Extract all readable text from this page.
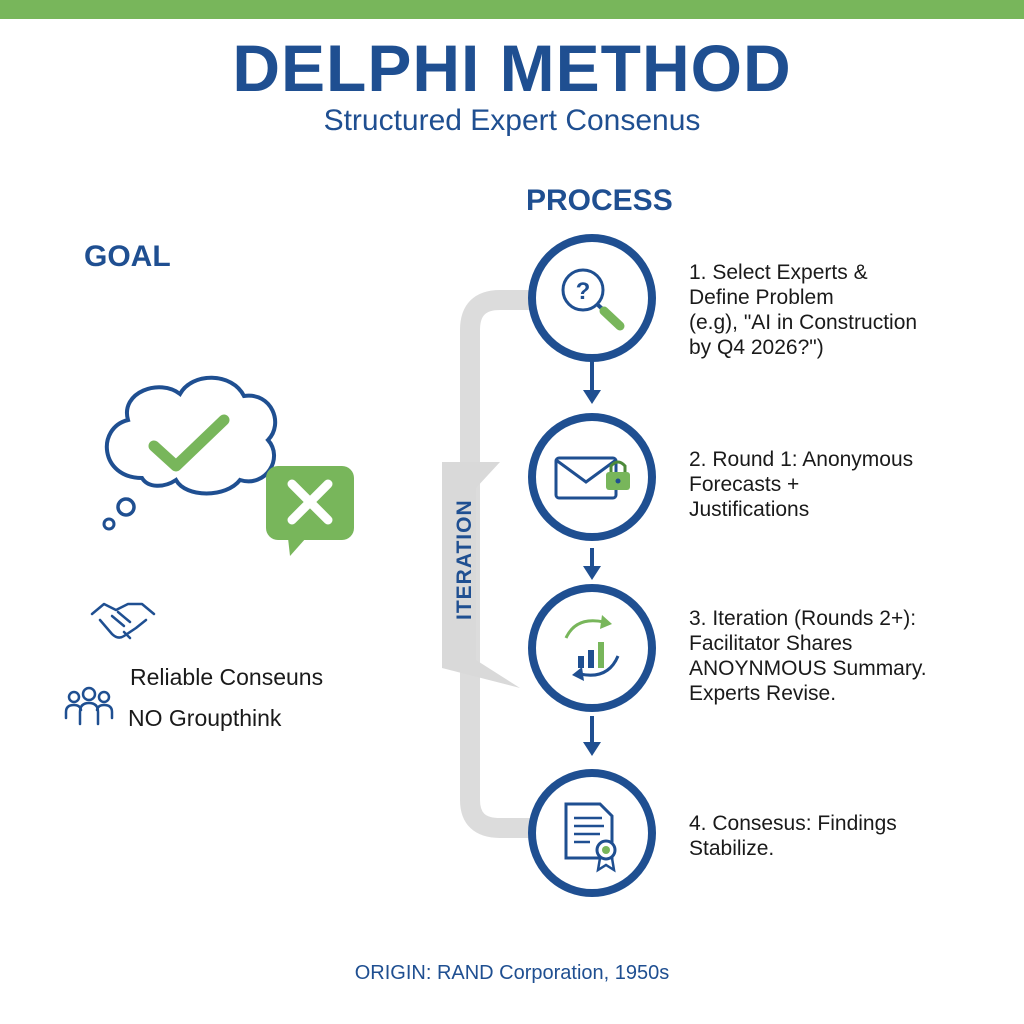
DELPHI METHOD
Structured Expert Consenus
GOAL
PROCESS
?
ITERATION
Reliable Conseuns
NO Groupthink
1. Select Experts &
Define Problem
(e.g), "AI in Construction
by Q4 2026?")
2. Round 1: Anonymous
Forecasts +
Justifications
3. Iteration (Rounds 2+):
Facilitator Shares
ANOYNMOUS Summary.
Experts Revise.
4. Consesus: Findings
Stabilize.
ORIGIN: RAND Corporation, 1950s
